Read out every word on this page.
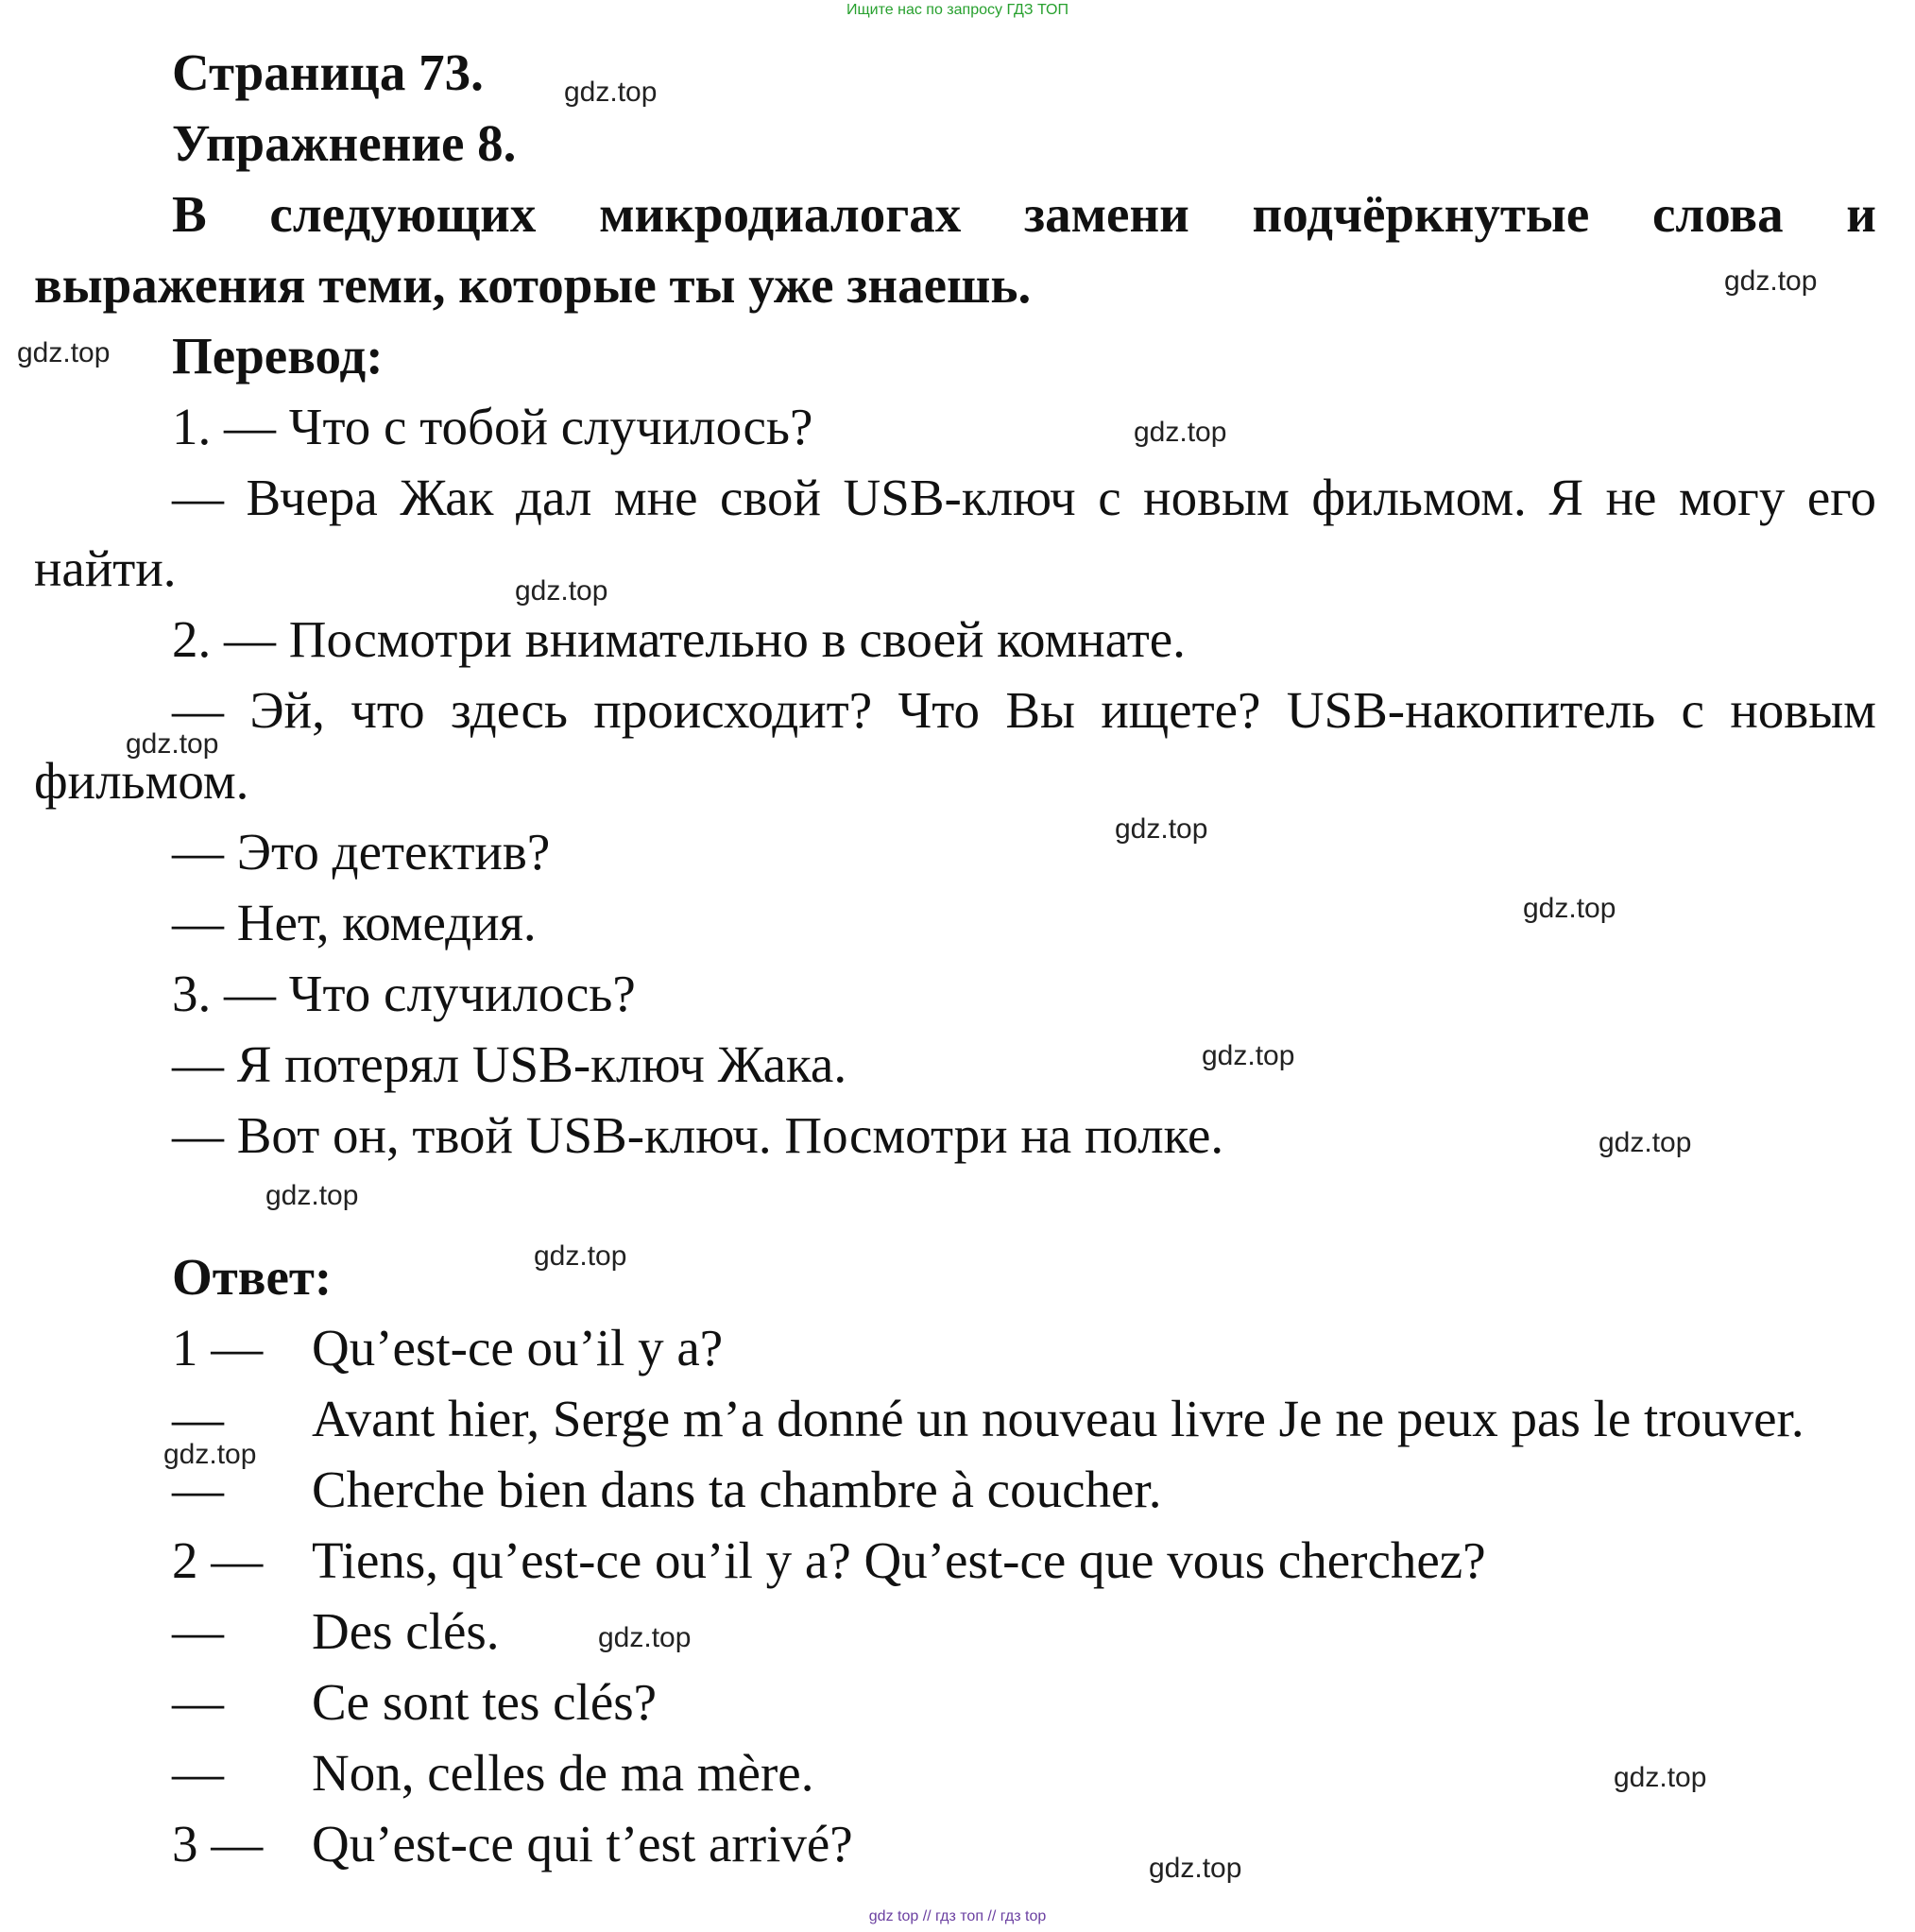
Ищите нас по запросу ГДЗ ТОП
Страница 73.
Упражнение 8.
В следующих микродиалогах замени подчёркнутые слова и
выражения теми, которые ты уже знаешь.
Перевод:
1. — Что с тобой случилось?
— Вчера Жак дал мне свой USB-ключ с новым фильмом. Я не могу его
найти.
2. — Посмотри внимательно в своей комнате.
— Эй, что здесь происходит? Что Вы ищете? USB-накопитель с новым
фильмом.
— Это детектив?
— Нет, комедия.
3. — Что случилось?
— Я потерял USB-ключ Жака.
— Вот он, твой USB-ключ. Посмотри на полке.
Ответ:
1 — Qu’est-ce ou’il y a?
— Avant hier, Serge m’a donné un nouveau livre Je ne peux pas le trouver.
— Cherche bien dans ta chambre à coucher.
2 — Tiens, qu’est-ce ou’il y a? Qu’est-ce que vous cherchez?
— Des clés.
— Ce sont tes clés?
— Non, celles de ma mère.
3 — Qu’est-ce qui t’est arrivé?
gdz.top
gdz.top
gdz.top
gdz.top
gdz.top
gdz.top
gdz.top
gdz.top
gdz.top
gdz.top
gdz.top
gdz.top
gdz.top
gdz.top
gdz.top
gdz.top
gdz top // гдз топ // гдз top
